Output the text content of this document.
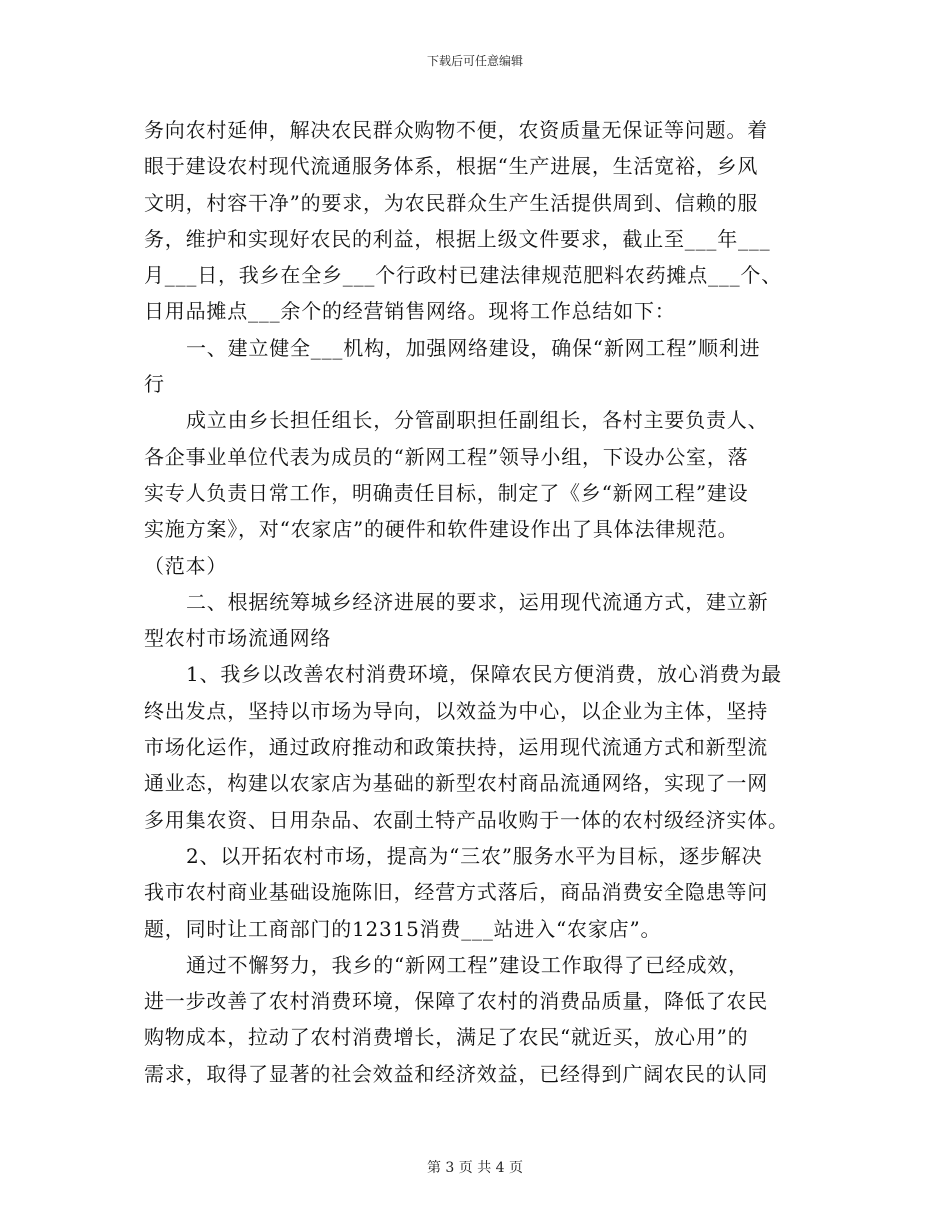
下载后可任意编辑
务向农村延伸，解决农民群众购物不便，农资质量无保证等问题。着
眼于建设农村现代流通服务体系，根据“生产进展，生活宽裕，乡风
文明，村容干净”的要求，为农民群众生产生活提供周到、信赖的服
务，维护和实现好农民的利益，根据上级文件要求，截止至___年___
月___日，我乡在全乡___个行政村已建法律规范肥料农药摊点___个、
日用品摊点___余个的经营销售网络。现将工作总结如下：
一、建立健全___机构，加强网络建设，确保“新网工程”顺利进
行
成立由乡长担任组长，分管副职担任副组长，各村主要负责人、
各企事业单位代表为成员的“新网工程”领导小组，下设办公室，落
实专人负责日常工作，明确责任目标，制定了《乡“新网工程”建设
实施方案》，对“农家店”的硬件和软件建设作出了具体法律规范。
（范本）
二、根据统筹城乡经济进展的要求，运用现代流通方式，建立新
型农村市场流通网络
1、我乡以改善农村消费环境，保障农民方便消费，放心消费为最
终出发点，坚持以市场为导向，以效益为中心，以企业为主体，坚持
市场化运作，通过政府推动和政策扶持，运用现代流通方式和新型流
通业态，构建以农家店为基础的新型农村商品流通网络，实现了一网
多用集农资、日用杂品、农副土特产品收购于一体的农村级经济实体。
2、以开拓农村市场，提高为“三农”服务水平为目标，逐步解决
我市农村商业基础设施陈旧，经营方式落后，商品消费安全隐患等问
题，同时让工商部门的12315消费___站进入“农家店”。
通过不懈努力，我乡的“新网工程”建设工作取得了已经成效，
进一步改善了农村消费环境，保障了农村的消费品质量，降低了农民
购物成本，拉动了农村消费增长，满足了农民“就近买，放心用”的
需求，取得了显著的社会效益和经济效益，已经得到广阔农民的认同
第 3 页 共 4 页
